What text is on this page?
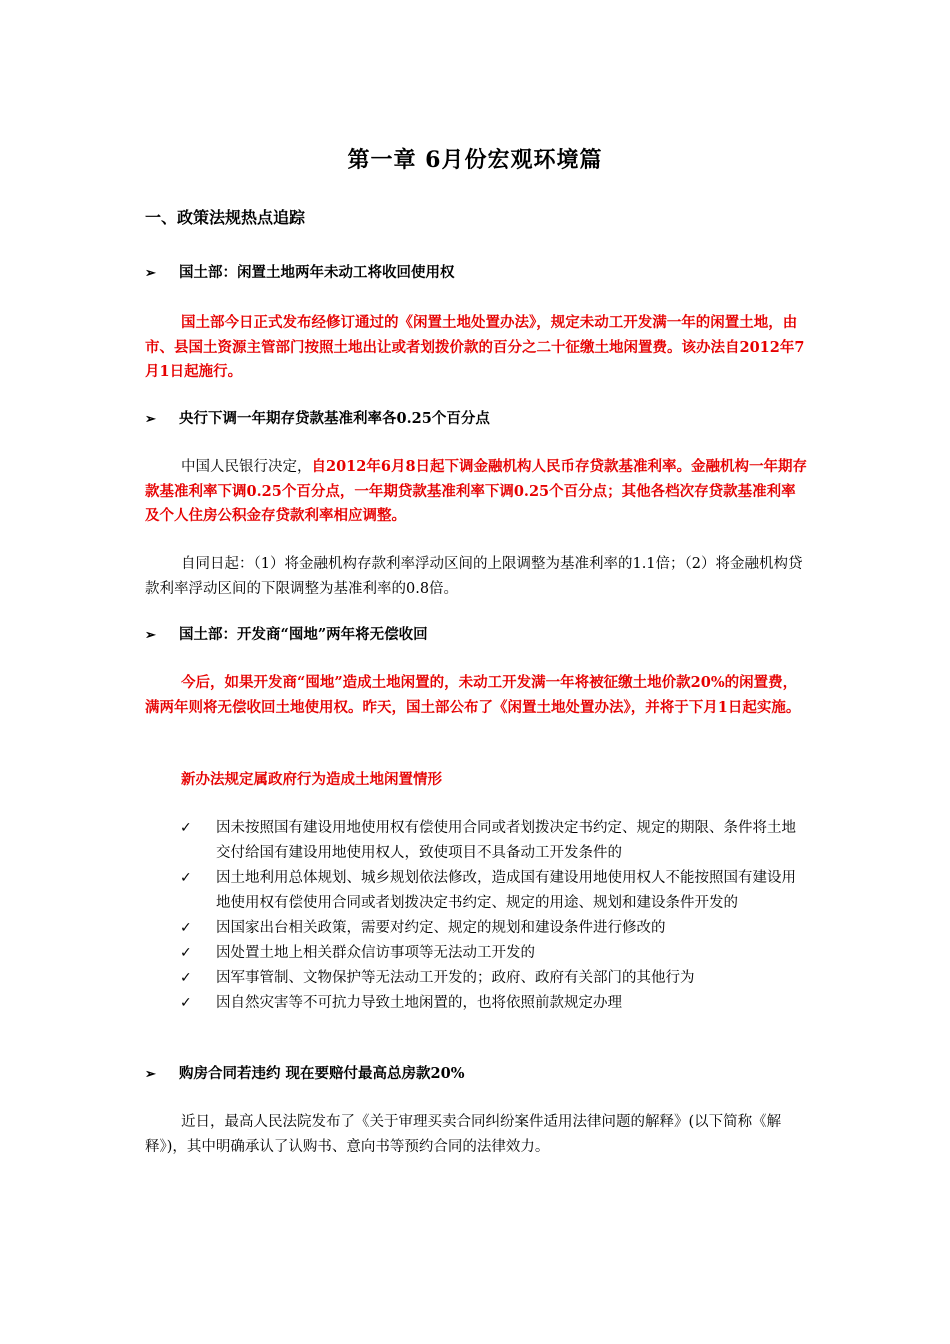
第一章 6月份宏观环境篇
一、政策法规热点追踪
➢ 国土部：闲置土地两年未动工将收回使用权
国土部今日正式发布经修订通过的《闲置土地处置办法》，规定未动工开发满一年的闲置土地，由市、县国土资源主管部门按照土地出让或者划拨价款的百分之二十征缴土地闲置费。该办法自2012年7月1日起施行。
➢ 央行下调一年期存贷款基准利率各0.25个百分点
中国人民银行决定，自2012年6月8日起下调金融机构人民币存贷款基准利率。金融机构一年期存款基准利率下调0.25个百分点，一年期贷款基准利率下调0.25个百分点；其他各档次存贷款基准利率及个人住房公积金存贷款利率相应调整。
自同日起：（1）将金融机构存款利率浮动区间的上限调整为基准利率的1.1倍；（2）将金融机构贷款利率浮动区间的下限调整为基准利率的0.8倍。
➢ 国土部：开发商“囤地”两年将无偿收回
今后，如果开发商“囤地”造成土地闲置的，未动工开发满一年将被征缴土地价款20%的闲置费，满两年则将无偿收回土地使用权。昨天，国土部公布了《闲置土地处置办法》，并将于下月1日起实施。
新办法规定属政府行为造成土地闲置情形
✓ 因未按照国有建设用地使用权有偿使用合同或者划拨决定书约定、规定的期限、条件将土地交付给国有建设用地使用权人，致使项目不具备动工开发条件的
✓ 因土地利用总体规划、城乡规划依法修改，造成国有建设用地使用权人不能按照国有建设用地使用权有偿使用合同或者划拨决定书约定、规定的用途、规划和建设条件开发的
✓ 因国家出台相关政策，需要对约定、规定的规划和建设条件进行修改的
✓ 因处置土地上相关群众信访事项等无法动工开发的
✓ 因军事管制、文物保护等无法动工开发的；政府、政府有关部门的其他行为
✓ 因自然灾害等不可抗力导致土地闲置的，也将依照前款规定办理
➢ 购房合同若违约 现在要赔付最高总房款20%
近日，最高人民法院发布了《关于审理买卖合同纠纷案件适用法律问题的解释》(以下简称《解释》)，其中明确承认了认购书、意向书等预约合同的法律效力。
